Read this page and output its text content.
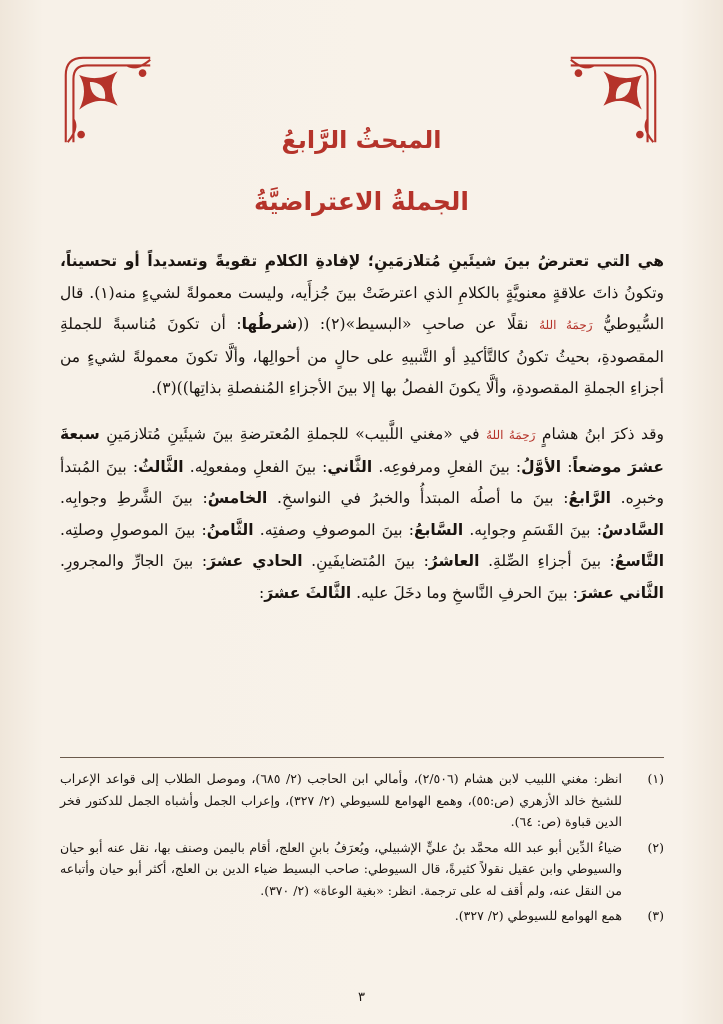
المبحثُ الرَّابعُ
الجملةُ الاعتراضيَّةُ

هي التي تعترضُ بينَ شيئَينِ مُتلازمَينِ؛ لإفادةِ الكلامِ تقويةً وتسديداً أو تحسيناً، وتكونُ ذاتَ علاقةٍ معنويَّةٍ بالكلامِ الذي اعترضَتْ بينَ جُزأَيه، وليست معمولةً لشيءٍ منه(١). قال السُّيوطيُّ رَحِمَهُ اللهُ نقلًا عن صاحبِ «البسيط»(٢): ((شرطُها: أن تكونَ مُناسبةً للجملةِ المقصودةِ، بحيثُ تكونُ كالتَّأكيدِ أو التَّنبيهِ على حالٍ من أحوالِها، وألَّا تكونَ معمولةً لشيءٍ من أجزاءِ الجملةِ المقصودةِ، وألَّا يكونَ الفصلُ بها إلا بينَ الأجزاءِ المُنفصلةِ بذاتِها))(٣).

وقد ذكرَ ابنُ هشامٍ رَحِمَهُ اللهُ في «مغني اللَّبيب» للجملةِ المُعترضةِ بينَ شيئَينِ مُتلازمَينِ سبعةَ عشرَ موضعاً: الأوَّلُ: بينَ الفعلِ ومرفوعِه. الثَّاني: بينَ الفعلِ ومفعولِه. الثَّالثُ: بينَ المُبتدأ وخبرِه. الرَّابعُ: بينَ ما أصلُه المبتدأُ والخبرُ في النواسخِ. الخامسُ: بينَ الشَّرطِ وجوابِه. السَّادسُ: بينَ القَسَمِ وجوابِه. السَّابعُ: بينَ الموصوفِ وصفتِه. الثَّامنُ: بينَ الموصولِ وصلتِه. التَّاسعُ: بينَ أجزاءِ الصِّلةِ. العاشرُ: بينَ المُتضايفَينِ. الحادي عشرَ: بينَ الجارِّ والمجرورِ. الثَّاني عشرَ: بينَ الحرفِ النَّاسخِ وما دخَلَ عليه. الثَّالثَ عشرَ:

(١)
انظر: مغني اللبيب لابن هشام (٢/٥٠٦)، وأمالي ابن الحاجب (٢/ ٦٨٥)، وموصل الطلاب إلى قواعد الإعراب للشيخ خالد الأزهري (ص:٥٥)، وهمع الهوامع للسيوطي (٢/ ٣٢٧)، وإعراب الجمل وأشباه الجمل للدكتور فخر الدين قباوة (ص: ٦٤).
(٢)
ضياءُ الدِّين أبو عبد الله محمَّد بنُ عليٍّ الإشبيلي، ويُعرَفُ بابنِ العلج، أقام باليمن وصنف بها، نقل عنه أبو حيان والسيوطي وابن عقيل نقولاً كثيرةً، قال السيوطي: صاحب البسيط ضياء الدين بن العلج، أكثر أبو حيان وأتباعه من النقل عنه، ولم أقف له على ترجمة. انظر: «بغية الوعاة» (٢/ ٣٧٠).
(٣)
همع الهوامع للسيوطي (٢/ ٣٢٧).
٣
